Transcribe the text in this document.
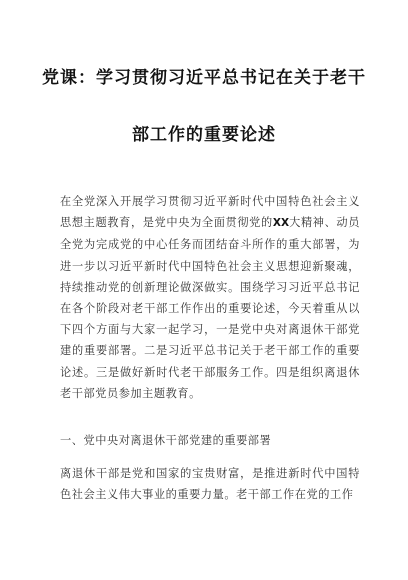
党课：学习贯彻习近平总书记在关于老干
部工作的重要论述
在全党深入开展学习贯彻习近平新时代中国特色社会主义思想主题教育，是党中央为全面贯彻党的XX大精神、动员全党为完成党的中心任务而团结奋斗所作的重大部署，为进一步以习近平新时代中国特色社会主义思想迎新聚魂，持续推动党的创新理论做深做实。围绕学习习近平总书记在各个阶段对老干部工作作出的重要论述，今天着重从以下四个方面与大家一起学习，一是党中央对离退休干部党建的重要部署。二是习近平总书记关于老干部工作的重要论述。三是做好新时代老干部服务工作。四是组织离退休老干部党员参加主题教育。
一、党中央对离退休干部党建的重要部署
离退休干部是党和国家的宝贵财富，是推进新时代中国特色社会主义伟大事业的重要力量。老干部工作在党的工作
